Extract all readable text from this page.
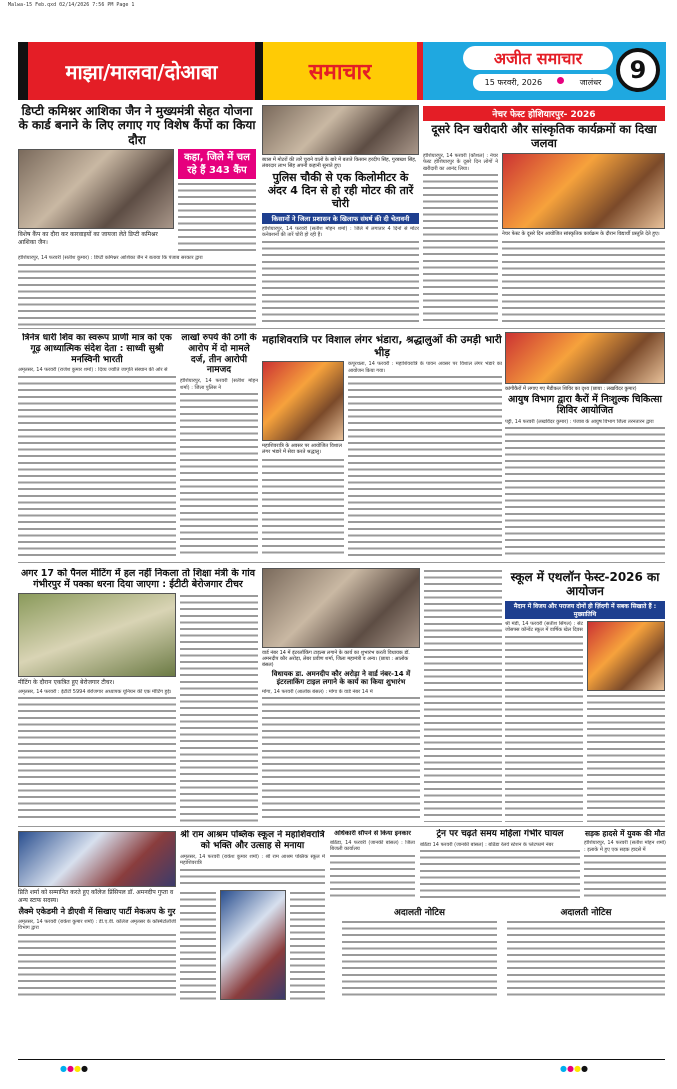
Malwa-15 Feb.qxd 02/14/2026 7:56 PM Page 1
माझा/मालवा/दोआबा	समाचार
अजीत समाचार
15 फरवरी, 2026	जालंधर	9
डिप्टी कमिश्नर आशिका जैन ने मुख्यमंत्री सेहत योजना के कार्ड बनाने के लिए लगाए गए विशेष कैंपों का किया दौरा
विशेष कैंप का दौरा कर कारवाइयों का जायजा लेते डिप्टी कमिश्नर आशिका जैन।
कहा, जिले में चल रहे हैं 343 कैंप
होशियारपुर, 14 फरवरी (सतीश कुमार) : डिप्टी कमिश्नर आशिका जैन ने बताया कि पंजाब सरकार द्वारा
ब्यास में मोटरों की तारें चुराने वालों के बारे में बताते किसान हरदीप सिंह, गुरबख्श सिंह, लंबरदार लाभ सिंह अपनी कहानी सुनाते हुए।
पुलिस चौकी से एक किलोमीटर के अंदर 4 दिन से हो रही मोटर की तारें चोरी
किसानों ने जिला प्रशासन के खिलाफ संघर्ष की दी चेतावनी
होशियारपुर, 14 फरवरी (सतीश मोहन शर्मा) : जिले में लगातार 4 दिनों से मोटर कनेक्शनों की तारें चोरी हो रही हैं।
नेचर फेस्ट होशियारपुर- 2026
दूसरे दिन खरीदारी और सांस्कृतिक कार्यक्रमों का दिखा जलवा
होशियारपुर, 14 फरवरी (कौशल) : नेचर फेस्ट होशियारपुर के दूसरे दिन लोगों ने खरीदारी का आनंद लिया।
नेचर फेस्ट के दूसरे दिन आयोजित सांस्कृतिक कार्यक्रम के दौरान विद्यार्थी प्रस्तुति देते हुए।
त्रिनेत्र धारी शिव का स्वरूप प्राणी मात्र को एक गूढ़ आध्यात्मिक संदेश देता : साध्वी सुश्री मनस्विनी भारती
अमृतसर, 14 फरवरी (राजेश कुमार शर्मा) : दिव्य ज्योति जागृति संस्थान की ओर से
लाखों रुपये की ठगी के आरोप में दो मामले दर्ज, तीन आरोपी नामजद
होशियारपुर, 14 फरवरी (सतीश मोहन शर्मा) : जिला पुलिस ने
महाशिवरात्रि पर विशाल लंगर भंडारा, श्रद्धालुओं की उमड़ी भारी भीड़
महाशिवरात्रि के अवसर पर आयोजित विशाल लंगर भंडारे में सेवा करते श्रद्धालु।
कपूरथला, 14 फरवरी : महाशिवरात्रि के पावन अवसर पर विशाल लंगर भंडारे का आयोजन किया गया।
कांगीकैरों में लगाए गए मैडीकल शिविर का दृश्य (छाया : लखविंदर कुमार)
आयुष विभाग द्वारा कैरों में निःशुल्क चिकित्सा शिविर आयोजित
पट्टी, 14 फरवरी (लखविंदर कुमार) : पंजाब के आयुष विभाग जिला तरनतारन द्वारा
अगर 17 को पैनल मीटिंग में हल नहीं निकला तो शिक्षा मंत्री के गांव गंभीरपुर में पक्का धरना दिया जाएगा : ईटीटी बेरोजगार टीचर
मीटिंग के दौरान एकत्रित हुए बेरोजगार टीचर।
अमृतसर, 14 फरवरी : ईटीटी 5994 बेरोजगार अध्यापक यूनियन की एक मीटिंग हुई।
वार्ड नंबर 14 में इंटरलॉकिंग टाइल्स लगाने के कार्य का शुभारंभ करती विधायक डॉ. अमनदीप कौर अरोड़ा, लेबर प्रवीण शर्मा, जिला महामंत्री व अन्य। (छाया : आलोक बंसल)
विधायक डा. अमनदीप कौर अरोड़ा ने वार्ड नंबर-14 में इंटरलाकिंग टाइल लगाने के कार्य का किया शुभारंभ
मोगा, 14 फरवरी (आलोक बंसल) : मोगा के वार्ड नंबर 14 में
स्कूल में एथलॉन फेस्ट-2026 का आयोजन
मैदान में विजय और पराजय दोनों ही ज़िंदगी में सबक सिखाते हैं : मुख्यातिथि
श्री मंडी, 14 फरवरी (सतीश सिंगल) : सेंट जोसफ्स कॉन्वेंट स्कूल में वार्षिक खेल दिवस
प्रिति शर्मा को सम्मानित करते हुए कॉलेज प्रिंसिपल डॉ. अमनदीप गुप्ता व अन्य स्टाफ सदस्य।
लैक्मे एकेडमी ने डीएवी में सिखाए पार्टी मेकअप के गुर
अमृतसर, 14 फरवरी (राकेश कुमार शर्मा) : डी.ए.वी. कॉलेज अमृतसर के कॉस्मेटोलॉजी विभाग द्वारा
श्री राम आश्रम पब्लिक स्कूल ने महाशिवरात्रि को भक्ति और उत्साह से मनाया
अमृतसर, 14 फरवरी (राकेश कुमार शर्मा) : श्री राम आश्रम पब्लिक स्कूल में महाशिवरात्रि
अधिकारी सौंपने से किया इनकार
बठिंडा, 14 फरवरी (जानकी बांसल) : जिला बिजली कार्यालय
ट्रेन पर चढ़ते समय महिला गंभीर घायल
बठिंडा 14 फरवरी (जानकी बांसल) : बठिंडा रेलवे स्टेशन के प्लेटफार्म नंबर
सड़क हादसे में युवक की मौत
होशियारपुर, 14 फरवरी (सतीश मोहन शर्मा) : इलाके में हुए एक सड़क हादसे में
अदालती नोटिस	अदालती नोटिस
●●●●	●●●●
